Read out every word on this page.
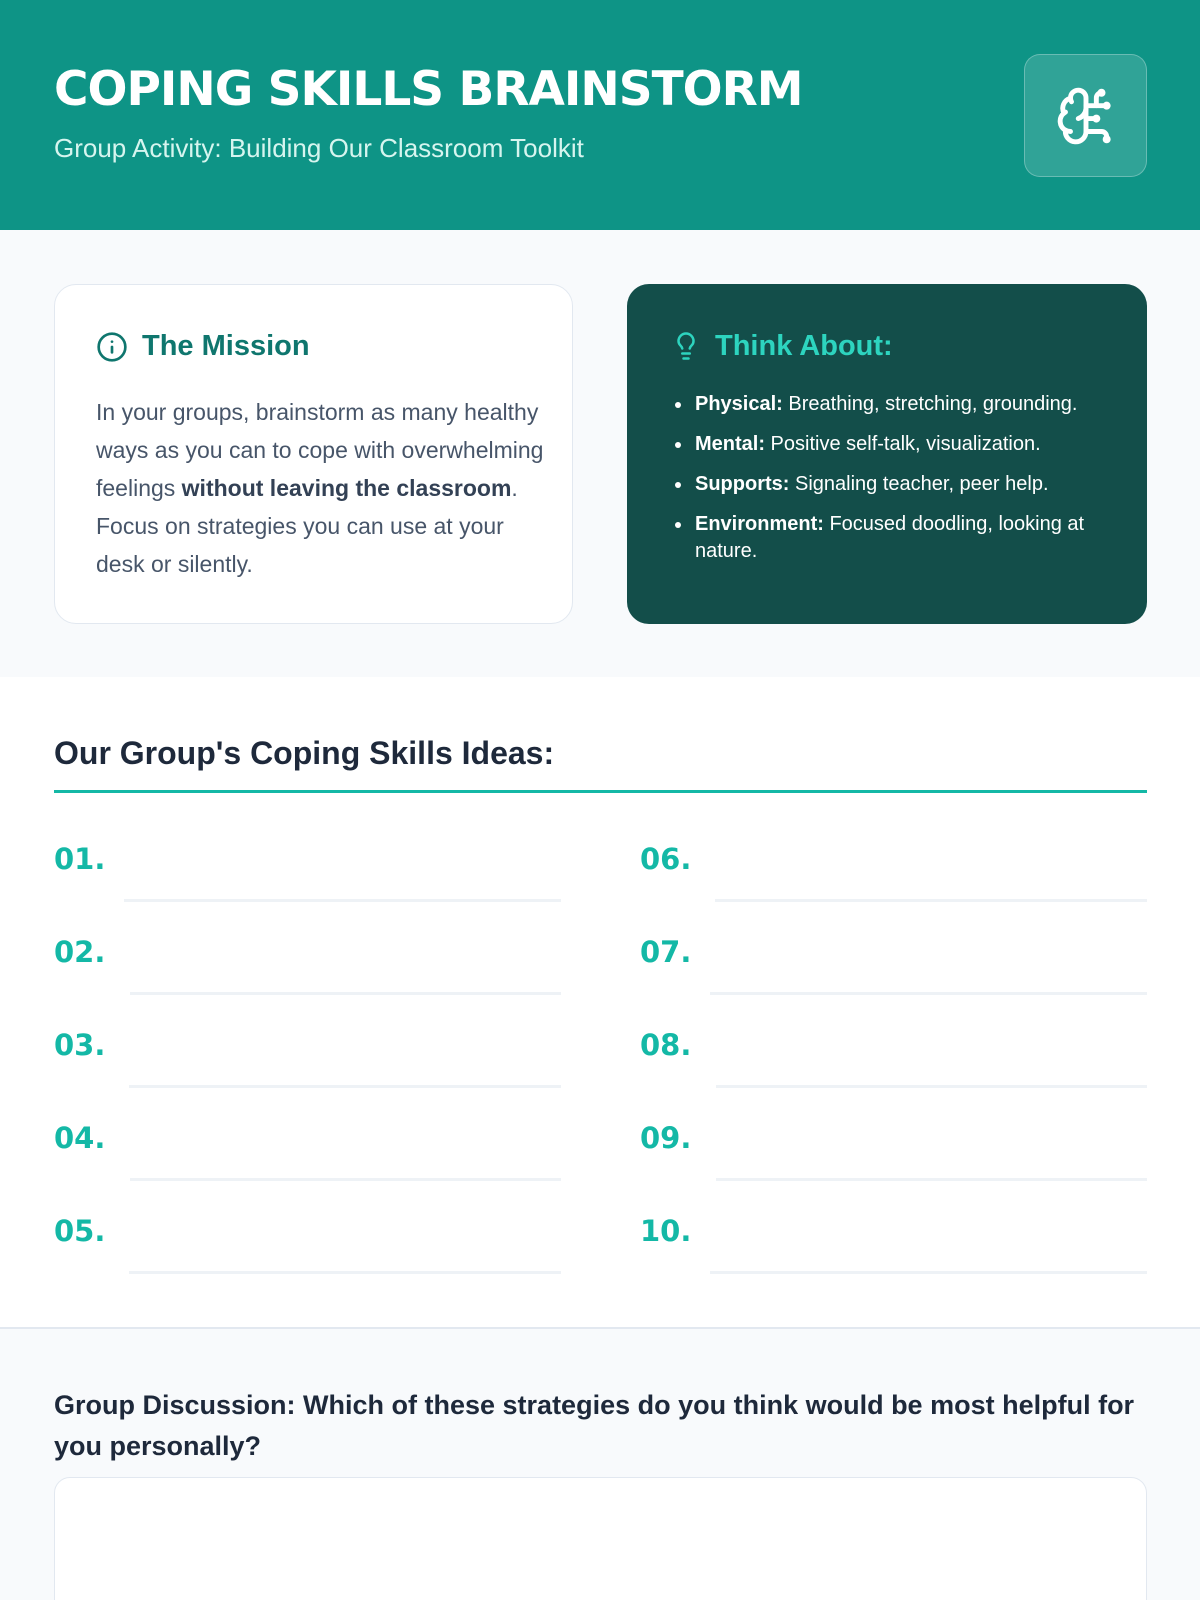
COPING SKILLS BRAINSTORM
Group Activity: Building Our Classroom Toolkit
The Mission

In your groups, brainstorm as many healthy ways as you can to cope with overwhelming feelings without leaving the classroom. Focus on strategies you can use at your desk or silently.

Think About:
• Physical: Breathing, stretching, grounding.
• Mental: Positive self-talk, visualization.
• Supports: Signaling teacher, peer help.
• Environment: Focused doodling, looking at nature.
Our Group's Coping Skills Ideas:
01.
02.
03.
04.
05.
06.
07.
08.
09.
10.
Group Discussion: Which of these strategies do you think would be most helpful for you personally?
